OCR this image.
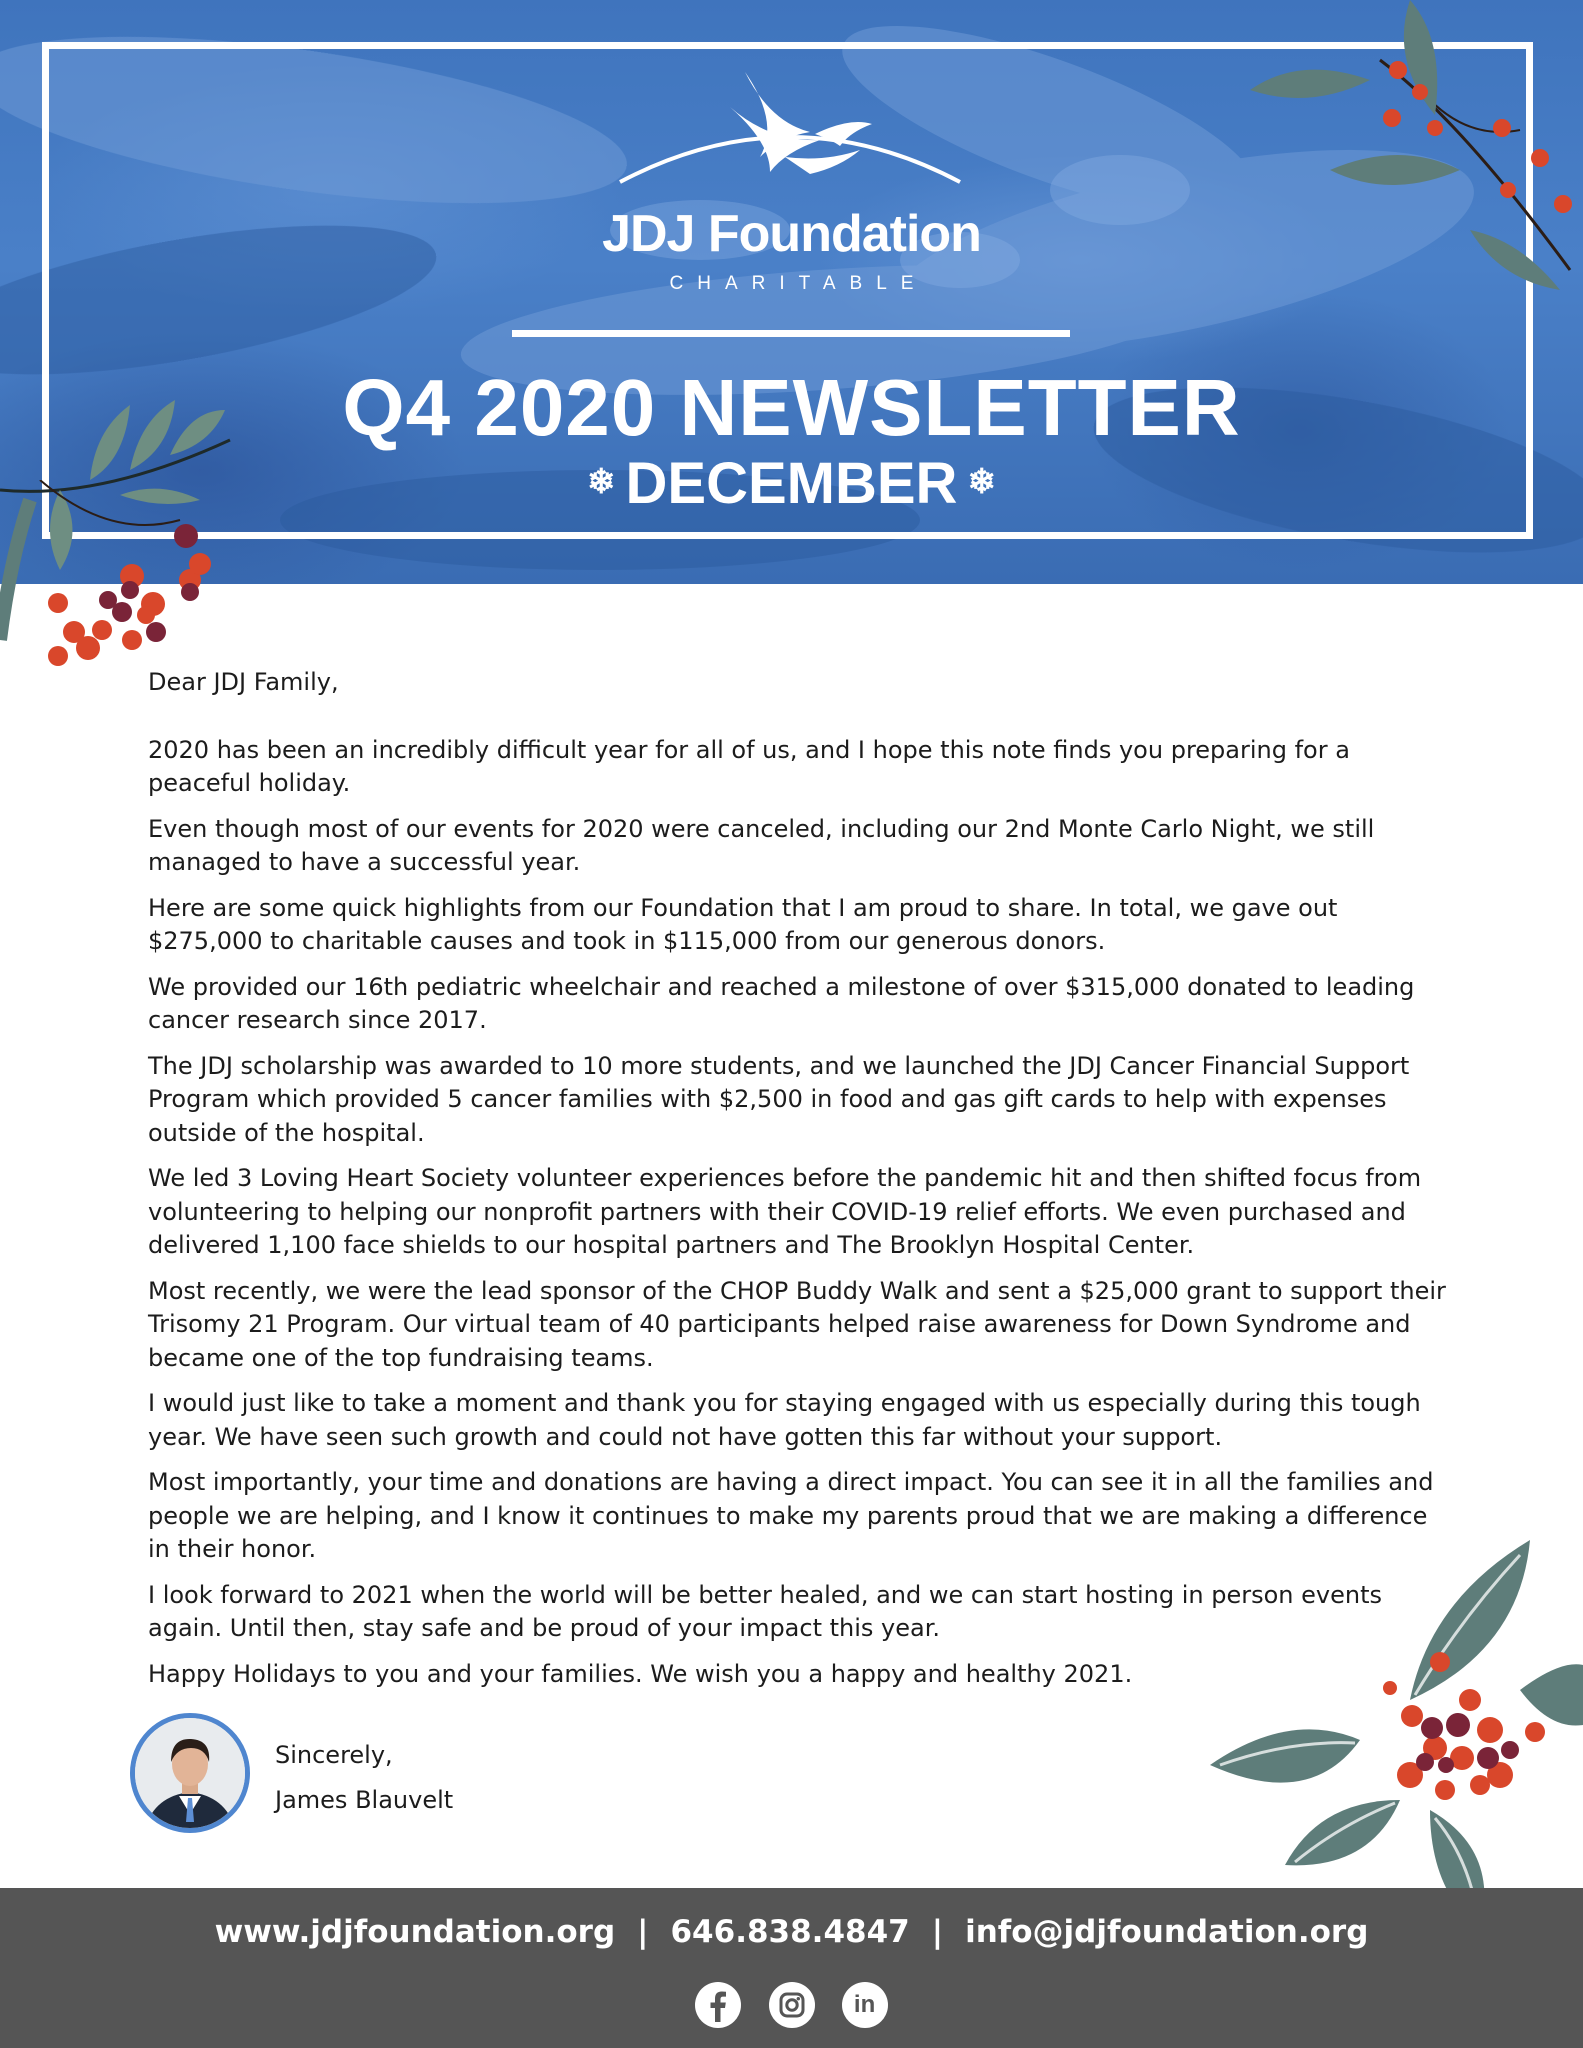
JDJ Foundation
CHARITABLE
Q4 2020 NEWSLETTER
❄ DECEMBER ❄

Dear JDJ Family,

2020 has been an incredibly difficult year for all of us, and I hope this note finds you preparing for a peaceful holiday.

Even though most of our events for 2020 were canceled, including our 2nd Monte Carlo Night, we still managed to have a successful year.

Here are some quick highlights from our Foundation that I am proud to share. In total, we gave out $275,000 to charitable causes and took in $115,000 from our generous donors.

We provided our 16th pediatric wheelchair and reached a milestone of over $315,000 donated to leading cancer research since 2017.

The JDJ scholarship was awarded to 10 more students, and we launched the JDJ Cancer Financial Support Program which provided 5 cancer families with $2,500 in food and gas gift cards to help with expenses outside of the hospital.

We led 3 Loving Heart Society volunteer experiences before the pandemic hit and then shifted focus from volunteering to helping our nonprofit partners with their COVID-19 relief efforts. We even purchased and delivered 1,100 face shields to our hospital partners and The Brooklyn Hospital Center.

Most recently, we were the lead sponsor of the CHOP Buddy Walk and sent a $25,000 grant to support their Trisomy 21 Program. Our virtual team of 40 participants helped raise awareness for Down Syndrome and became one of the top fundraising teams.

I would just like to take a moment and thank you for staying engaged with us especially during this tough year. We have seen such growth and could not have gotten this far without your support.

Most importantly, your time and donations are having a direct impact. You can see it in all the families and people we are helping, and I know it continues to make my parents proud that we are making a difference in their honor.

I look forward to 2021 when the world will be better healed, and we can start hosting in person events again. Until then, stay safe and be proud of your impact this year.

Happy Holidays to you and your families. We wish you a happy and healthy 2021.

Sincerely,
James Blauvelt
www.jdjfoundation.org | 646.838.4847 | info@jdjfoundation.org

in
